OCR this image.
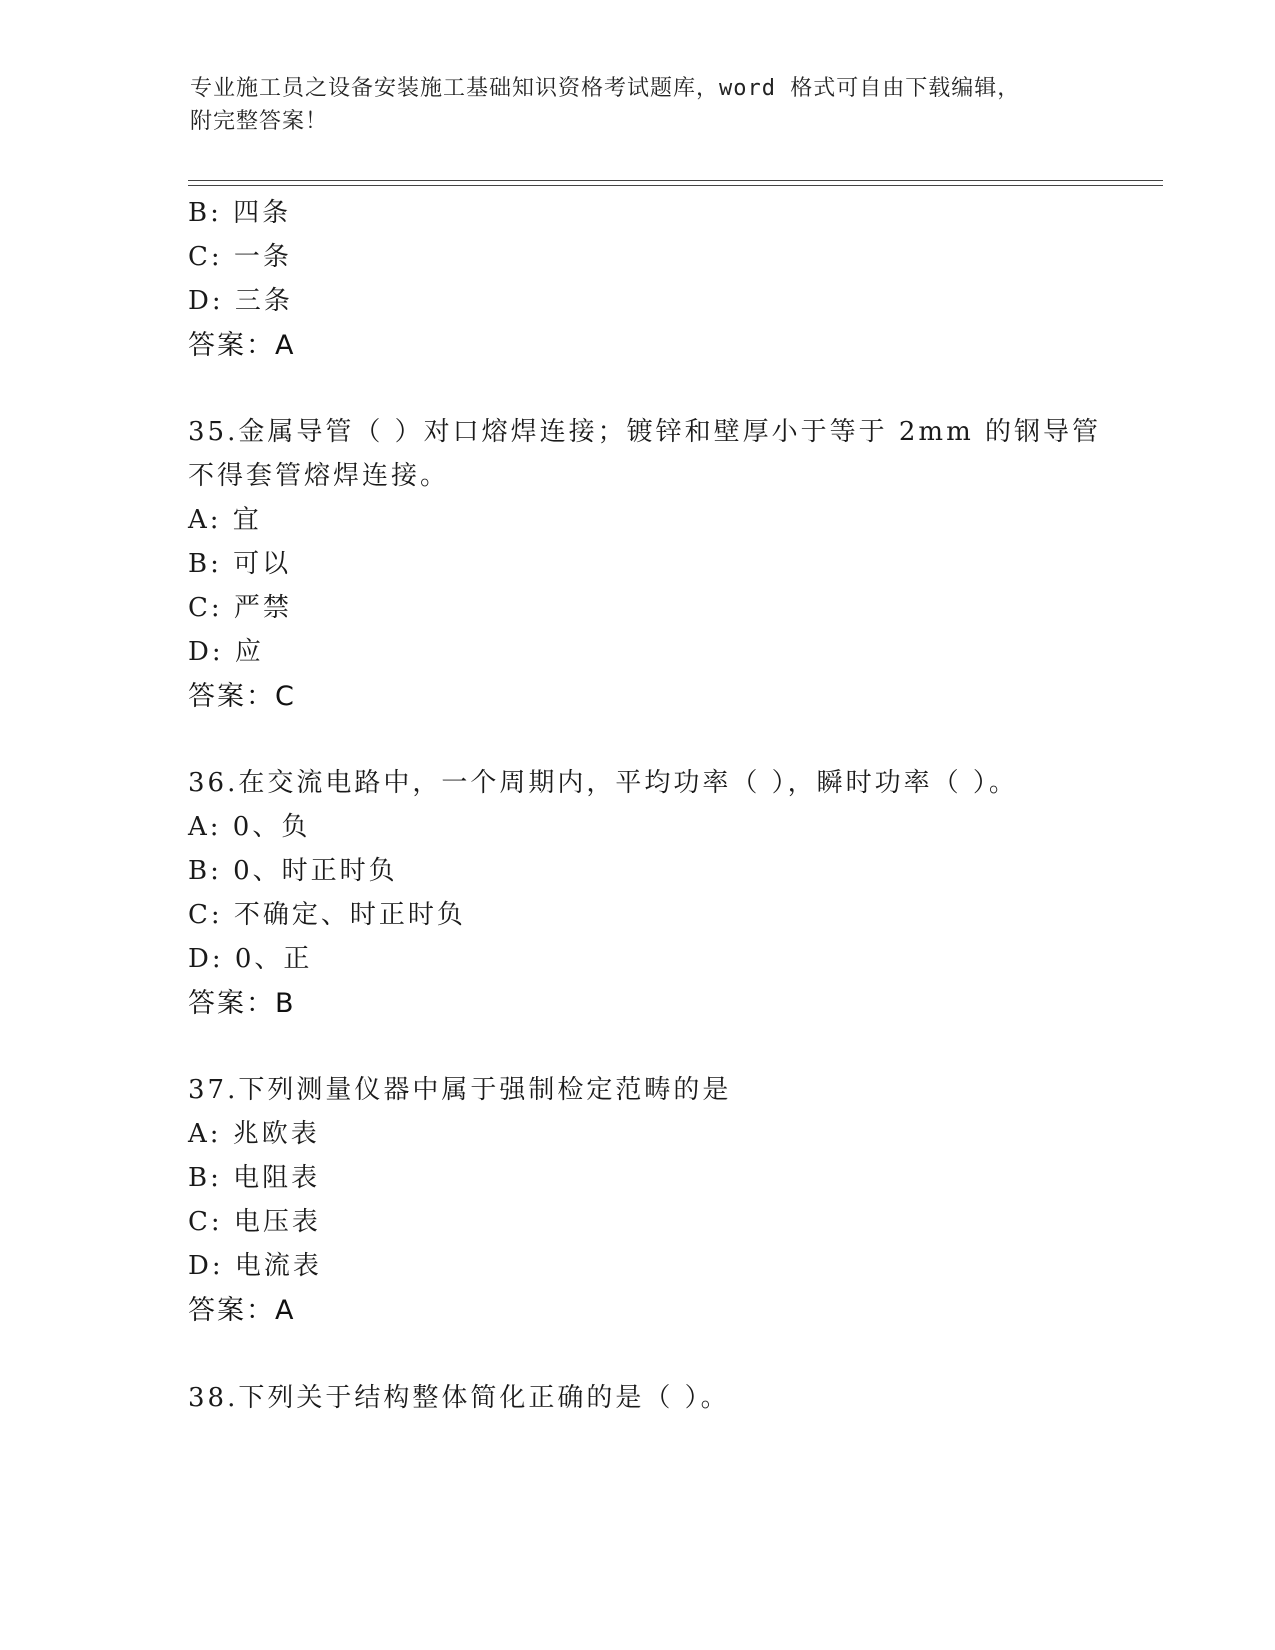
专业施工员之设备安装施工基础知识资格考试题库，word 格式可自由下载编辑，
附完整答案！
B: 四条
C: 一条
D: 三条
答案：A
35.金属导管（ ）对口熔焊连接；镀锌和壁厚小于等于 2mm 的钢导管
不得套管熔焊连接。
A: 宜
B: 可以
C: 严禁
D: 应
答案：C
36.在交流电路中，一个周期内，平均功率（ ），瞬时功率（ ）。
A: 0、负
B: 0、时正时负
C: 不确定、时正时负
D: 0、正
答案：B
37.下列测量仪器中属于强制检定范畴的是
A: 兆欧表
B: 电阻表
C: 电压表
D: 电流表
答案：A
38.下列关于结构整体简化正确的是（ ）。
